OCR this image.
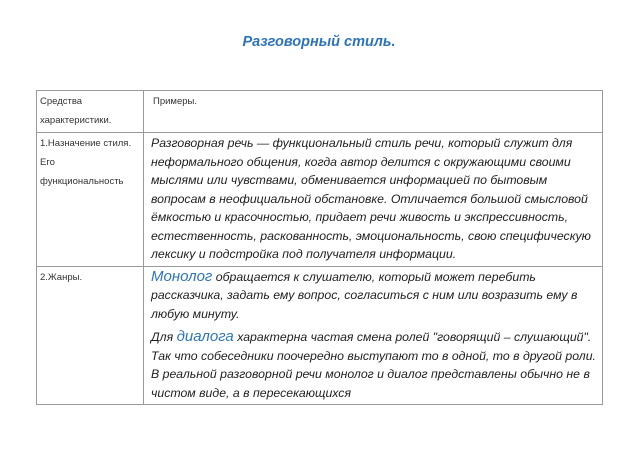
Разговорный стиль.
Средства характеристики.	Примеры.

1.Назначение стиля. Его функциональность	Разговорная речь — функциональный стиль речи, который служит для неформального общения, когда автор делится с окружающими своими мыслями или чувствами, обменивается информацией по бытовым вопросам в неофициальной обстановке. Отличается большой смысловой ёмкостью и красочностью, придает речи живость и экспрессивность, естественность, раскованность, эмоциональность, свою специфическую лексику и подстройка под получателя информации.

2.Жанры.	Монолог обращается к слушателю, который может перебить рассказчика, задать ему вопрос, согласиться с ним или возразить ему в любую минуту.

Для диалога характерна частая смена ролей "говорящий – слушающий". Так что собеседники поочередно выступают то в одной, то в другой роли. В реальной разговорной речи монолог и диалог представлены обычно не в чистом виде, а в пересекающихся
